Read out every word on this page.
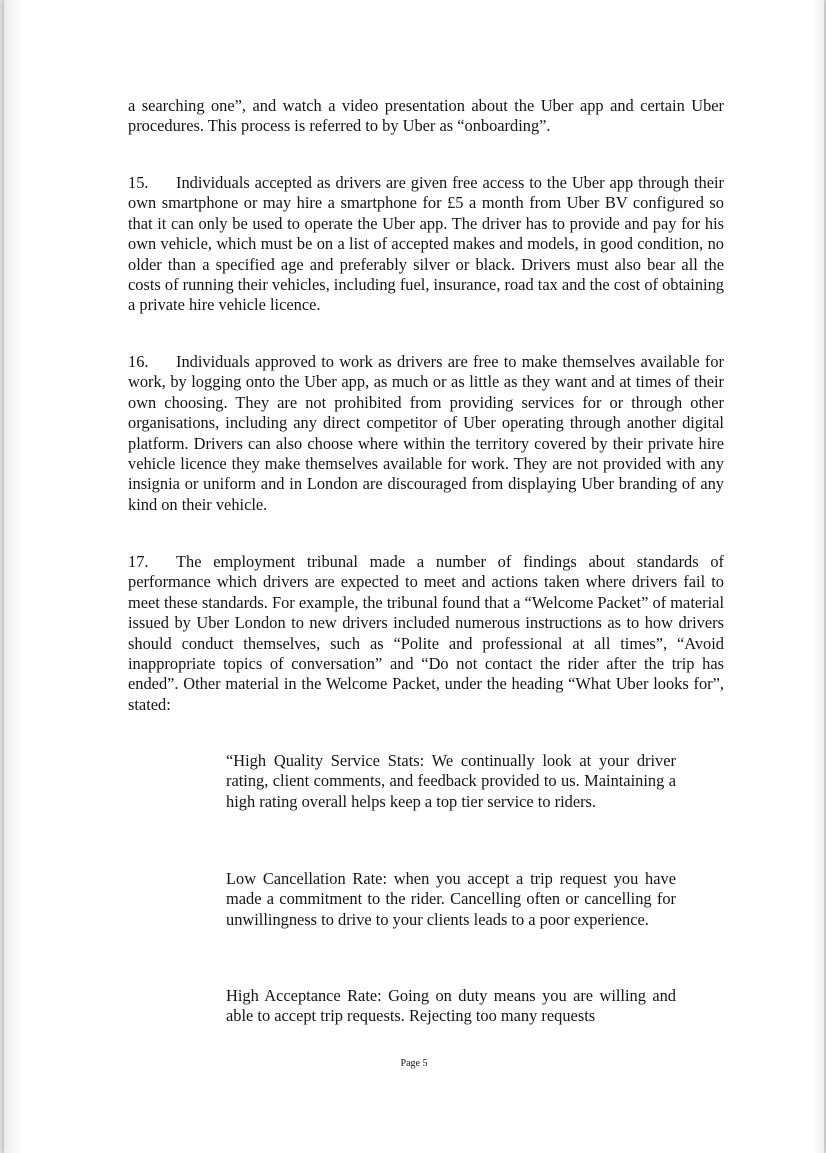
a searching one”, and watch a video presentation about the Uber app and certain Uber procedures. This process is referred to by Uber as “onboarding”.

15. Individuals accepted as drivers are given free access to the Uber app through their own smartphone or may hire a smartphone for £5 a month from Uber BV configured so that it can only be used to operate the Uber app. The driver has to provide and pay for his own vehicle, which must be on a list of accepted makes and models, in good condition, no older than a specified age and preferably silver or black. Drivers must also bear all the costs of running their vehicles, including fuel, insurance, road tax and the cost of obtaining a private hire vehicle licence.

16. Individuals approved to work as drivers are free to make themselves available for work, by logging onto the Uber app, as much or as little as they want and at times of their own choosing. They are not prohibited from providing services for or through other organisations, including any direct competitor of Uber operating through another digital platform. Drivers can also choose where within the territory covered by their private hire vehicle licence they make themselves available for work. They are not provided with any insignia or uniform and in London are discouraged from displaying Uber branding of any kind on their vehicle.

17. The employment tribunal made a number of findings about standards of performance which drivers are expected to meet and actions taken where drivers fail to meet these standards. For example, the tribunal found that a “Welcome Packet” of material issued by Uber London to new drivers included numerous instructions as to how drivers should conduct themselves, such as “Polite and professional at all times”, “Avoid inappropriate topics of conversation” and “Do not contact the rider after the trip has ended”. Other material in the Welcome Packet, under the heading “What Uber looks for”, stated:

“High Quality Service Stats: We continually look at your driver rating, client comments, and feedback provided to us. Maintaining a high rating overall helps keep a top tier service to riders.

Low Cancellation Rate: when you accept a trip request you have made a commitment to the rider. Cancelling often or cancelling for unwillingness to drive to your clients leads to a poor experience.

High Acceptance Rate: Going on duty means you are willing and able to accept trip requests. Rejecting too many requests

Page 5
